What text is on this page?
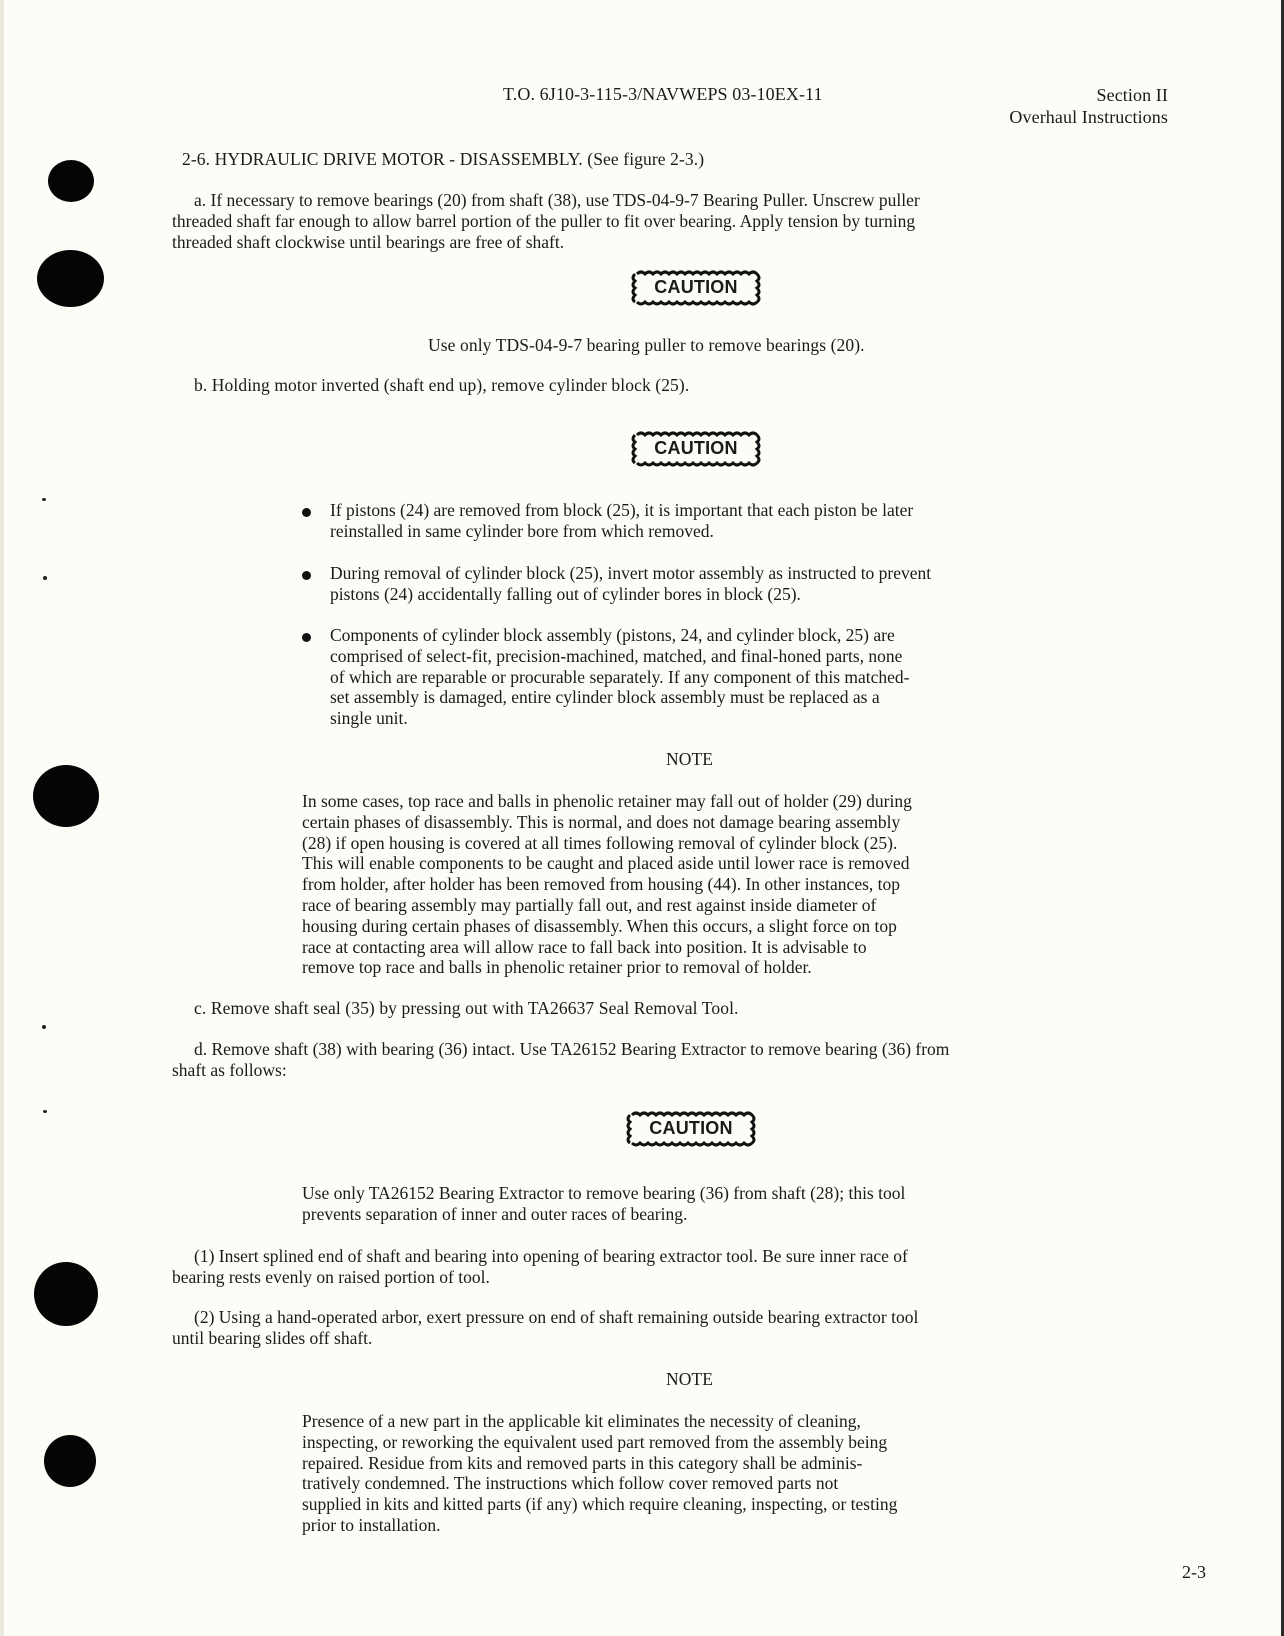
T.O. 6J10-3-115-3/NAVWEPS 03-10EX-11	Section II
Overhaul Instructions
2-6. HYDRAULIC DRIVE MOTOR - DISASSEMBLY. (See figure 2-3.)
a. If necessary to remove bearings (20) from shaft (38), use TDS-04-9-7 Bearing Puller. Unscrew puller
threaded shaft far enough to allow barrel portion of the puller to fit over bearing. Apply tension by turning
threaded shaft clockwise until bearings are free of shaft.
CAUTION
Use only TDS-04-9-7 bearing puller to remove bearings (20).
b. Holding motor inverted (shaft end up), remove cylinder block (25).
CAUTION
If pistons (24) are removed from block (25), it is important that each piston be later
reinstalled in same cylinder bore from which removed.
During removal of cylinder block (25), invert motor assembly as instructed to prevent
pistons (24) accidentally falling out of cylinder bores in block (25).
Components of cylinder block assembly (pistons, 24, and cylinder block, 25) are
comprised of select-fit, precision-machined, matched, and final-honed parts, none
of which are reparable or procurable separately. If any component of this matched-
set assembly is damaged, entire cylinder block assembly must be replaced as a
single unit.
NOTE
In some cases, top race and balls in phenolic retainer may fall out of holder (29) during
certain phases of disassembly. This is normal, and does not damage bearing assembly
(28) if open housing is covered at all times following removal of cylinder block (25).
This will enable components to be caught and placed aside until lower race is removed
from holder, after holder has been removed from housing (44). In other instances, top
race of bearing assembly may partially fall out, and rest against inside diameter of
housing during certain phases of disassembly. When this occurs, a slight force on top
race at contacting area will allow race to fall back into position. It is advisable to
remove top race and balls in phenolic retainer prior to removal of holder.
c. Remove shaft seal (35) by pressing out with TA26637 Seal Removal Tool.
d. Remove shaft (38) with bearing (36) intact. Use TA26152 Bearing Extractor to remove bearing (36) from
shaft as follows:
CAUTION
Use only TA26152 Bearing Extractor to remove bearing (36) from shaft (28); this tool
prevents separation of inner and outer races of bearing.
(1) Insert splined end of shaft and bearing into opening of bearing extractor tool. Be sure inner race of
bearing rests evenly on raised portion of tool.
(2) Using a hand-operated arbor, exert pressure on end of shaft remaining outside bearing extractor tool
until bearing slides off shaft.
NOTE
Presence of a new part in the applicable kit eliminates the necessity of cleaning,
inspecting, or reworking the equivalent used part removed from the assembly being
repaired. Residue from kits and removed parts in this category shall be adminis-
tratively condemned. The instructions which follow cover removed parts not
supplied in kits and kitted parts (if any) which require cleaning, inspecting, or testing
prior to installation.
2-3
